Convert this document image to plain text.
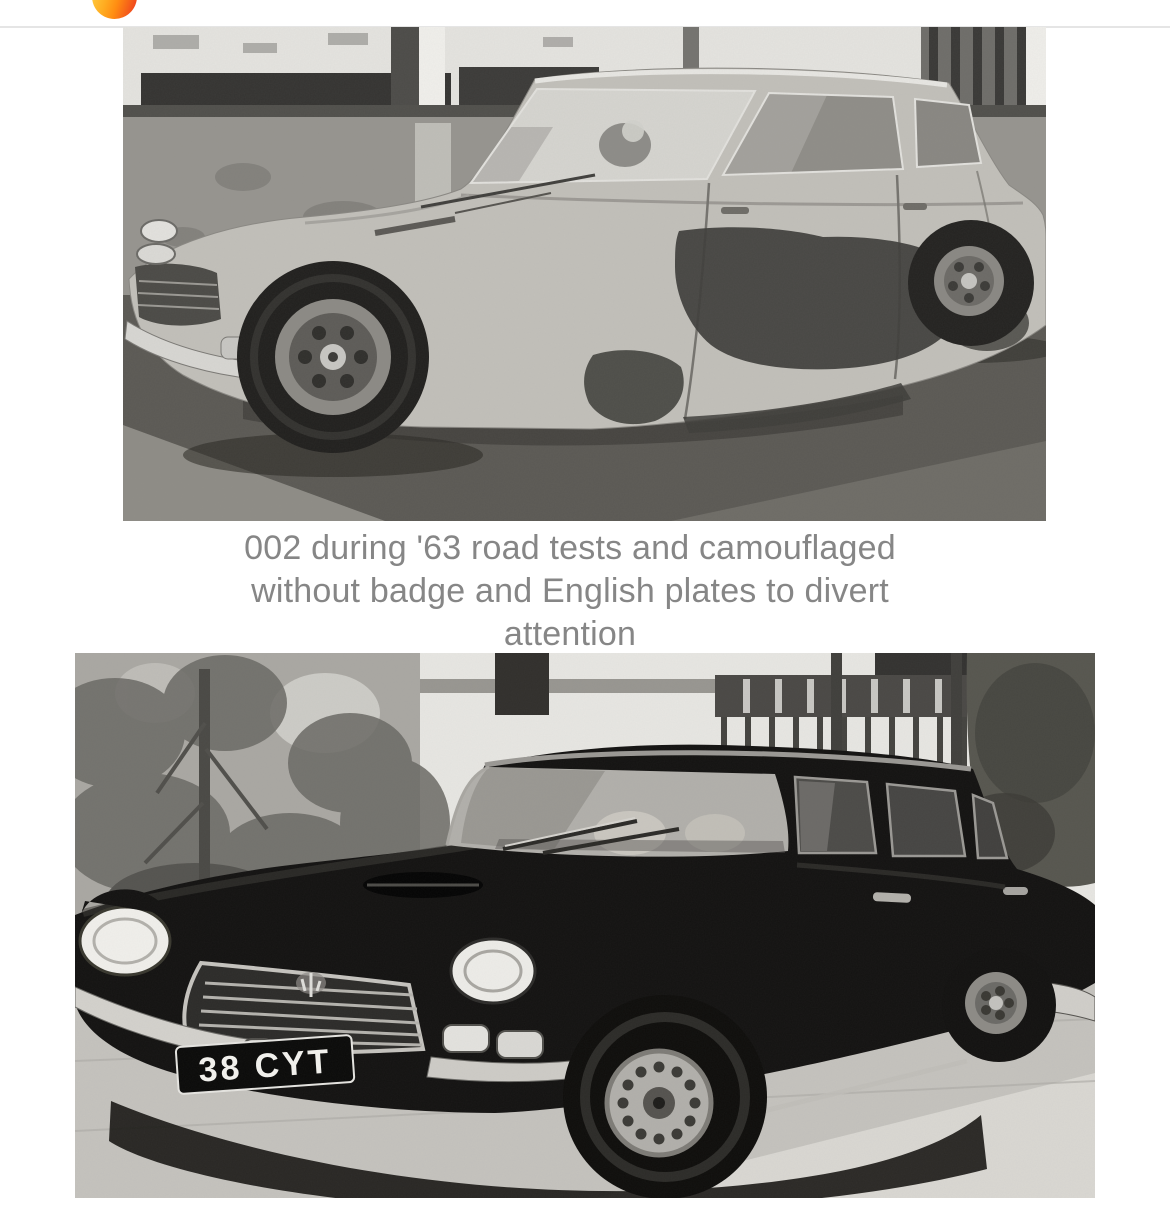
002 during '63 road tests and camouflaged
without badge and English plates to divert
attention
